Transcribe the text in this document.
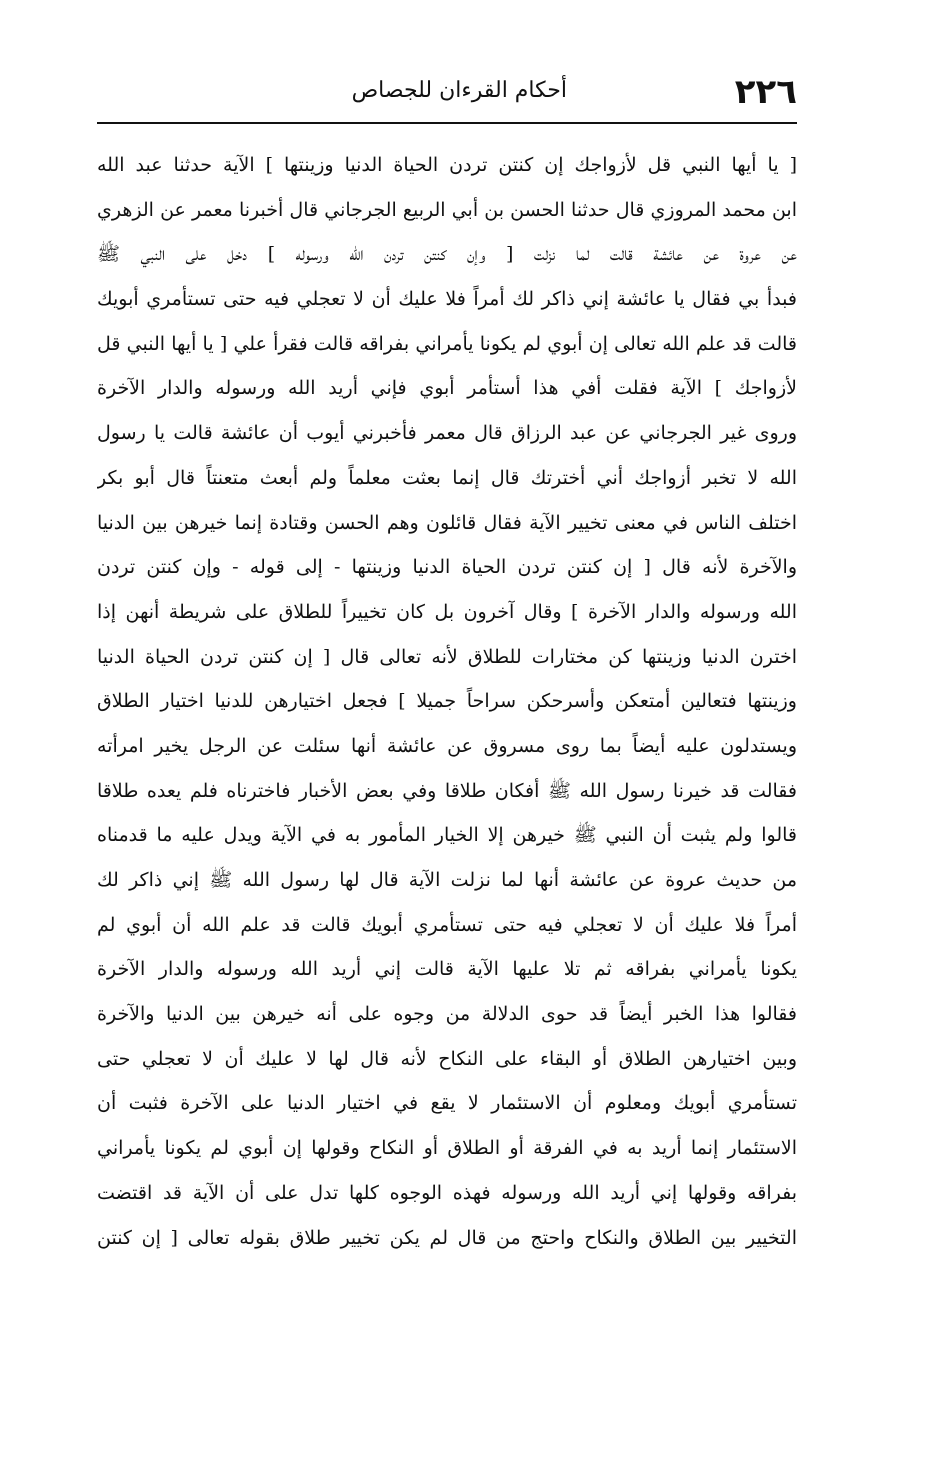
٢٢٦
أحكام القرءان للجصاص
[ يا أيها النبي قل لأزواجك إن كنتن تردن الحياة الدنيا وزينتها ] الآية حدثنا عبد الله
ابن محمد المروزي قال حدثنا الحسن بن أبي الربيع الجرجاني قال أخبرنا معمر عن الزهري
عن عروة عن عائشة قالت لما نزلت [ وإن كنتن تردن الله ورسوله ] دخل على النبي ﷺ
فبدأ بي فقال يا عائشة إني ذاكر لك أمراً فلا عليك أن لا تعجلي فيه حتى تستأمري أبويك
قالت قد علم الله تعالى إن أبوي لم يكونا يأمراني بفراقه قالت فقرأ علي [ يا أيها النبي قل
لأزواجك ] الآية فقلت أفي هذا أستأمر أبوي فإني أريد الله ورسوله والدار الآخرة
وروى غير الجرجاني عن عبد الرزاق قال معمر فأخبرني أيوب أن عائشة قالت يا رسول
الله لا تخبر أزواجك أني أخترتك قال إنما بعثت معلماً ولم أبعث متعنتاً قال أبو بكر
اختلف الناس في معنى تخيير الآية فقال قائلون وهم الحسن وقتادة إنما خيرهن بين الدنيا
والآخرة لأنه قال [ إن كنتن تردن الحياة الدنيا وزينتها - إلى قوله - وإن كنتن تردن
الله ورسوله والدار الآخرة ] وقال آخرون بل كان تخييراً للطلاق على شريطة أنهن إذا
اخترن الدنيا وزينتها كن مختارات للطلاق لأنه تعالى قال [ إن كنتن تردن الحياة الدنيا
وزينتها فتعالين أمتعكن وأسرحكن سراحاً جميلا ] فجعل اختيارهن للدنيا اختيار الطلاق
ويستدلون عليه أيضاً بما روى مسروق عن عائشة أنها سئلت عن الرجل يخير امرأته
فقالت قد خيرنا رسول الله ﷺ أفكان طلاقا وفي بعض الأخبار فاخترناه فلم يعده طلاقا
قالوا ولم يثبت أن النبي ﷺ خيرهن إلا الخيار المأمور به في الآية ويدل عليه ما قدمناه
من حديث عروة عن عائشة أنها لما نزلت الآية قال لها رسول الله ﷺ إني ذاكر لك
أمراً فلا عليك أن لا تعجلي فيه حتى تستأمري أبويك قالت قد علم الله أن أبوي لم
يكونا يأمراني بفراقه ثم تلا عليها الآية قالت إني أريد الله ورسوله والدار الآخرة
فقالوا هذا الخبر أيضاً قد حوى الدلالة من وجوه على أنه خيرهن بين الدنيا والآخرة
وبين اختيارهن الطلاق أو البقاء على النكاح لأنه قال لها لا عليك أن لا تعجلي حتى
تستأمري أبويك ومعلوم أن الاستئمار لا يقع في اختيار الدنيا على الآخرة فثبت أن
الاستئمار إنما أريد به في الفرقة أو الطلاق أو النكاح وقولها إن أبوي لم يكونا يأمراني
بفراقه وقولها إني أريد الله ورسوله فهذه الوجوه كلها تدل على أن الآية قد اقتضت
التخيير بين الطلاق والنكاح واحتج من قال لم يكن تخيير طلاق بقوله تعالى [ إن كنتن
